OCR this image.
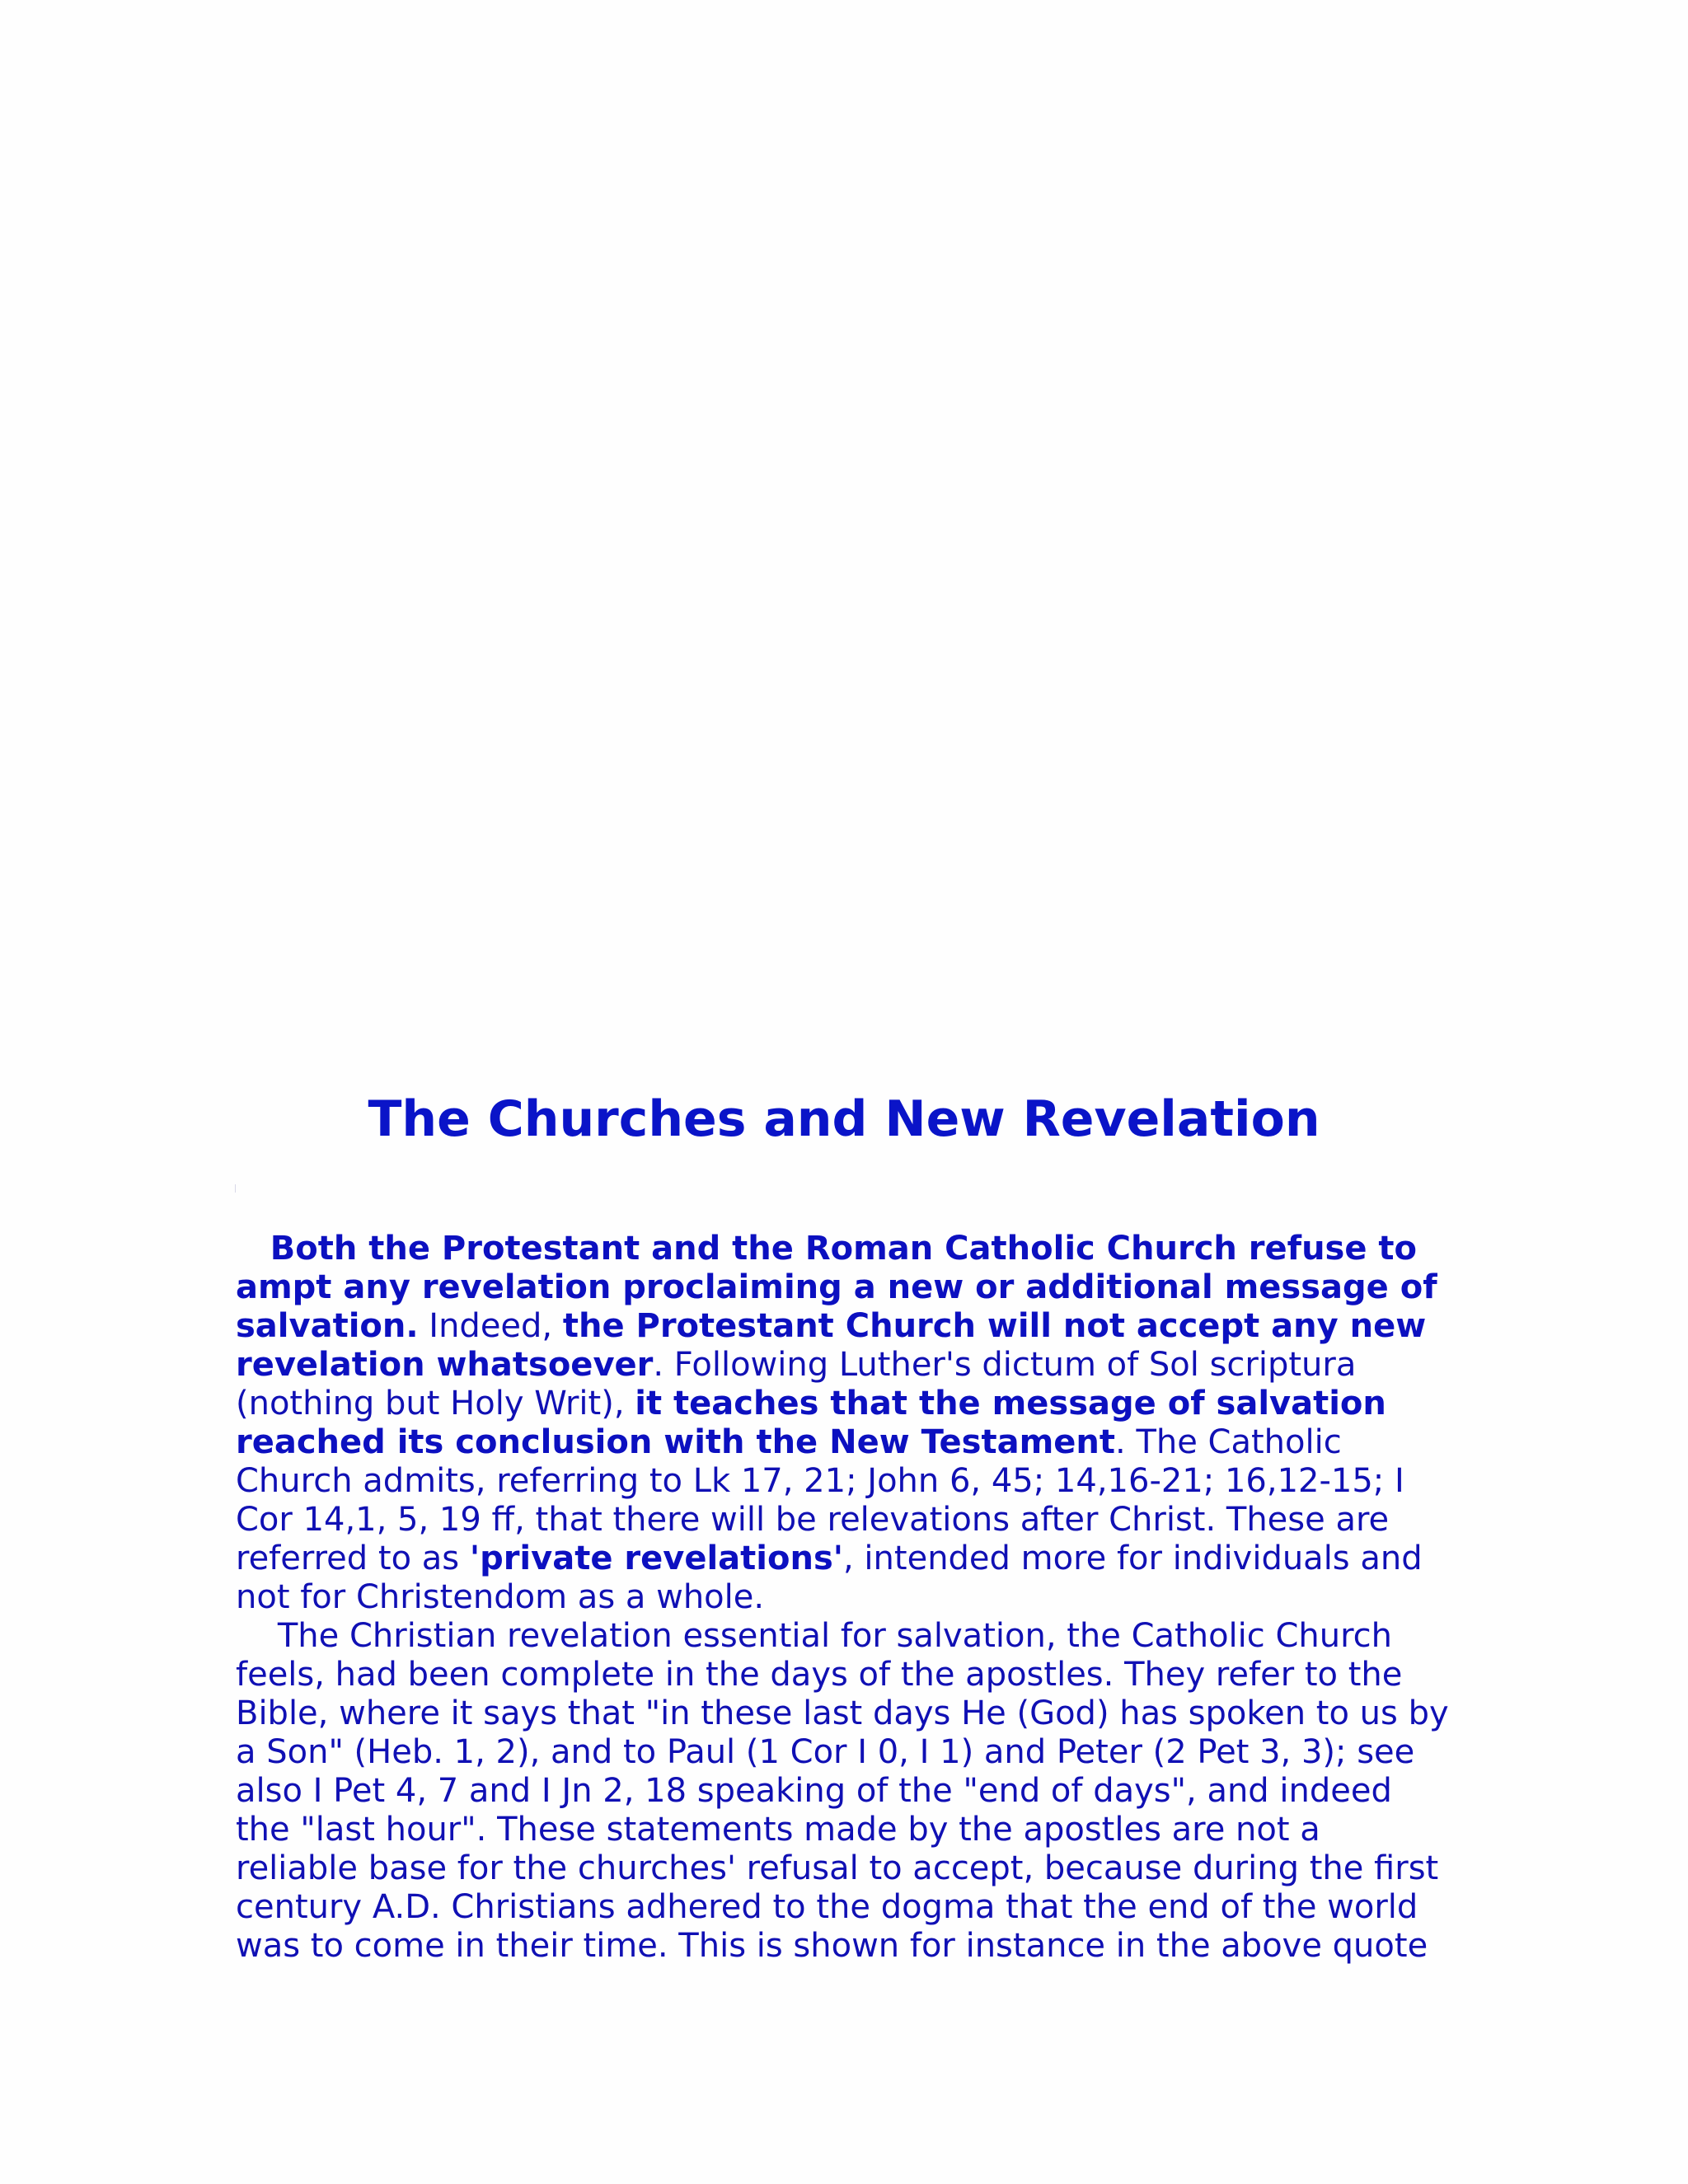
The Churches and New Revelation
Both the Protestant and the Roman Catholic Church refuse to
ampt any revelation proclaiming a new or additional message of
salvation. Indeed, the Protestant Church will not accept any new
revelation whatsoever. Following Luther's dictum of Sol scriptura
(nothing but Holy Writ), it teaches that the message of salvation
reached its conclusion with the New Testament. The Catholic
Church admits, referring to Lk 17, 21; John 6, 45; 14,16-21; 16,12-15; I
Cor 14,1, 5, 19 ff, that there will be relevations after Christ. These are
referred to as 'private revelations', intended more for individuals and
not for Christendom as a whole.
The Christian revelation essential for salvation, the Catholic Church
feels, had been complete in the days of the apostles. They refer to the
Bible, where it says that "in these last days He (God) has spoken to us by
a Son" (Heb. 1, 2), and to Paul (1 Cor I 0, I 1) and Peter (2 Pet 3, 3); see
also I Pet 4, 7 and I Jn 2, 18 speaking of the "end of days", and indeed
the "last hour". These statements made by the apostles are not a
reliable base for the churches' refusal to accept, because during the first
century A.D. Christians adhered to the dogma that the end of the world
was to come in their time. This is shown for instance in the above quote
